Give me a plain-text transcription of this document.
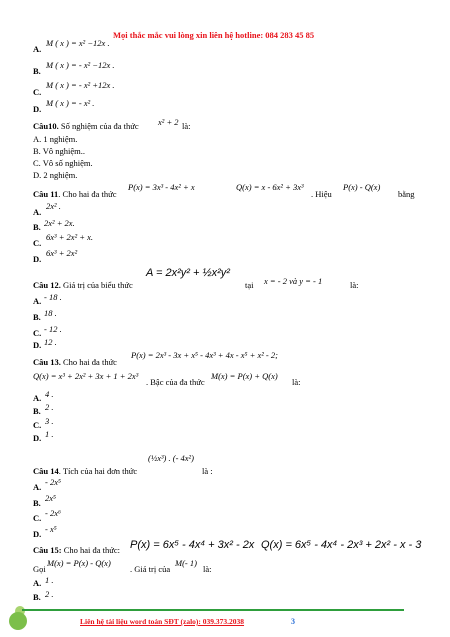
Mọi thắc mắc vui lòng xin liên hệ hotline: 084 283 45 85
A.
M ( x ) = x² −12x .
B.
M ( x ) = - x² −12x .
C.
M ( x ) = - x² +12x .
D.
M ( x ) = - x² .
Câu10. Số nghiệm của đa thức x² + 2 là:
A. 1 nghiệm.
B. Vô nghiệm..
C. Vô số nghiệm.
D. 2 nghiệm.
Câu 11. Cho hai đa thức
P(x) = 3x³ - 4x² + x	Q(x) = x - 6x² + 3x³
. Hiệu
P(x) - Q(x)
bằng
A.
2x² .
B. 2x² + 2x.
C.
6x³ + 2x² + x.
D.
6x³ + 2x²
A = 2x²y² + ½x²y²
Câu 12. Giá trị của biểu thức	tại x = - 2 và y = - 1	là:
A. - 18 .
B. 18 .
C. - 12 .
D. 12 .
Câu 13. Cho hai đa thức
P(x) = 2x³ - 3x + x⁵ - 4x³ + 4x - x⁵ + x² - 2;
Q(x) = x³ + 2x² + 3x + 1 + 2x³
. Bậc của đa thức
M(x) = P(x) + Q(x)
là:
A. 4 .
B. 2 .
C. 3 .
D. 1 .
(½x³) . (- 4x²)
Câu 14. Tích của hai đơn thức	là :
A. - 2x⁵
B. 2x⁵
C. - 2x⁶
D. - x⁵
Câu 15: Cho hai đa thức: P(x) = 6x⁵ - 4x⁴ + 3x² - 2x Q(x) = 6x⁵ - 4x⁴ - 2x³ + 2x² - x - 3
Gọi
M(x) = P(x) - Q(x)
. Giá trị của
M(- 1)
là:
A. 1 .
B. 2 .
Liên hệ tài liệu word toán SĐT (zalo): 039.373.2038	3
